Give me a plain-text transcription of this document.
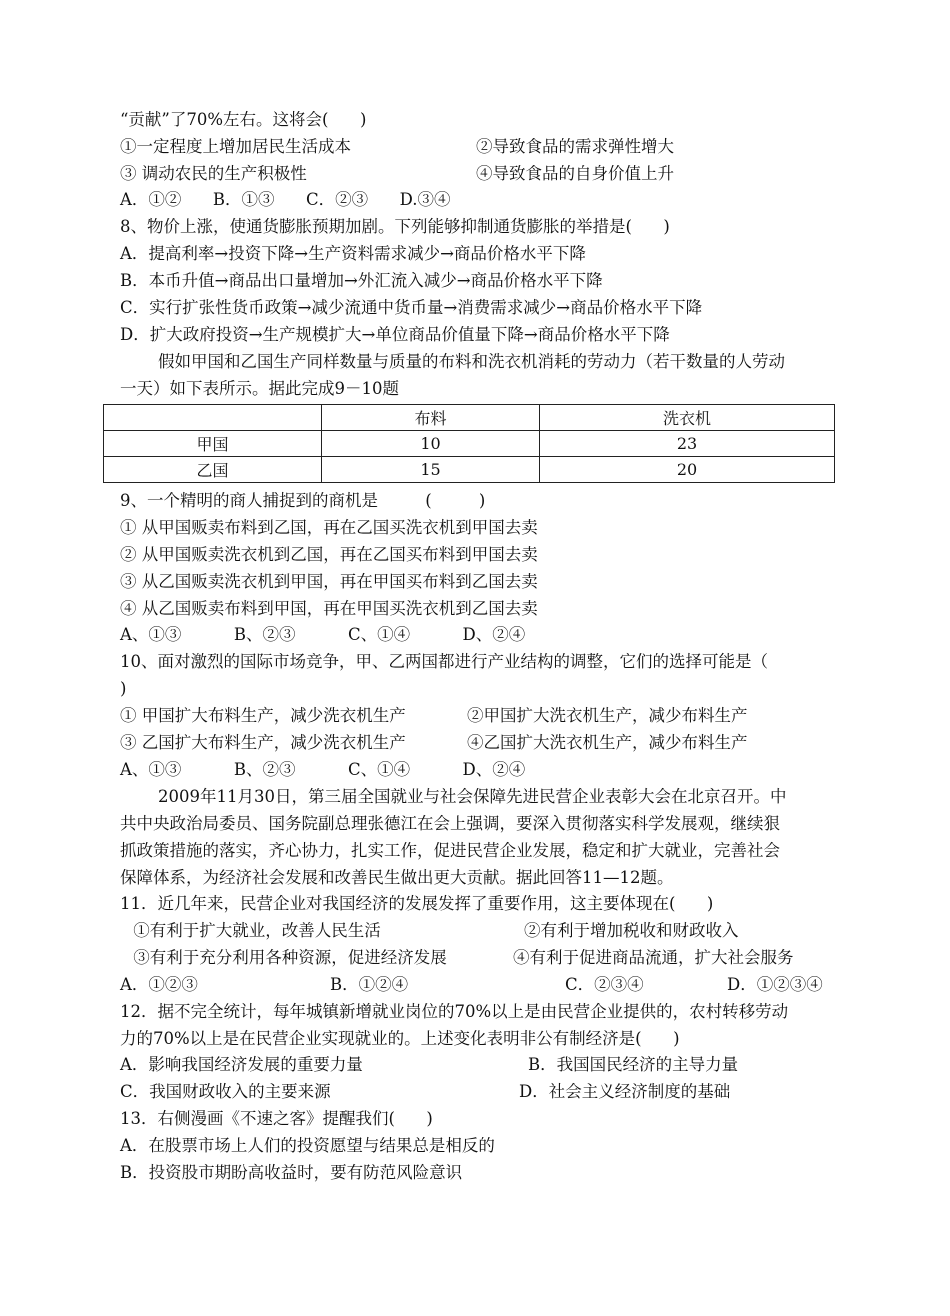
“贡献”了70%左右。这将会(      )
①一定程度上增加居民生活成本	②导致食品的需求弹性增大
③ 调动农民的生产积极性	④导致食品的自身价值上升
A．①②      B．①③      C．②③      D.③④
8、物价上涨，使通货膨胀预期加剧。下列能够抑制通货膨胀的举措是(      )
A．提高利率→投资下降→生产资料需求减少→商品价格水平下降
B．本币升值→商品出口量增加→外汇流入减少→商品价格水平下降
C．实行扩张性货币政策→减少流通中货币量→消费需求减少→商品价格水平下降
D．扩大政府投资→生产规模扩大→单位商品价值量下降→商品价格水平下降
假如甲国和乙国生产同样数量与质量的布料和洗衣机消耗的劳动力（若干数量的人劳动
一天）如下表所示。据此完成9－10题
	布料	洗衣机
甲国	10	23
乙国	15	20
9、一个精明的商人捕捉到的商机是         (         )
① 从甲国贩卖布料到乙国，再在乙国买洗衣机到甲国去卖
② 从甲国贩卖洗衣机到乙国，再在乙国买布料到甲国去卖
③ 从乙国贩卖洗衣机到甲国，再在甲国买布料到乙国去卖
④ 从乙国贩卖布料到甲国，再在甲国买洗衣机到乙国去卖
A、①③          B、②③          C、①④          D、②④
10、面对激烈的国际市场竞争，甲、乙两国都进行产业结构的调整，它们的选择可能是（
)
① 甲国扩大布料生产，减少洗衣机生产	②甲国扩大洗衣机生产，减少布料生产
③ 乙国扩大布料生产，减少洗衣机生产	④乙国扩大洗衣机生产，减少布料生产
A、①③          B、②③          C、①④          D、②④
2009年11月30日，第三届全国就业与社会保障先进民营企业表彰大会在北京召开。中
共中央政治局委员、国务院副总理张德江在会上强调，要深入贯彻落实科学发展观，继续狠
抓政策措施的落实，齐心协力，扎实工作，促进民营企业发展，稳定和扩大就业，完善社会
保障体系，为经济社会发展和改善民生做出更大贡献。据此回答11—12题。
11．近几年来，民营企业对我国经济的发展发挥了重要作用，这主要体现在(      )
①有利于扩大就业，改善人民生活	②有利于增加税收和财政收入
③有利于充分利用各种资源，促进经济发展	④有利于促进商品流通，扩大社会服务
A．①②③	B．①②④	C．②③④	D．①②③④
12．据不完全统计，每年城镇新增就业岗位的70%以上是由民营企业提供的，农村转移劳动
力的70%以上是在民营企业实现就业的。上述变化表明非公有制经济是(      )
A．影响我国经济发展的重要力量	B．我国国民经济的主导力量
C．我国财政收入的主要来源	D．社会主义经济制度的基础
13．右侧漫画《不速之客》提醒我们(      )
A．在股票市场上人们的投资愿望与结果总是相反的
B．投资股市期盼高收益时，要有防范风险意识
